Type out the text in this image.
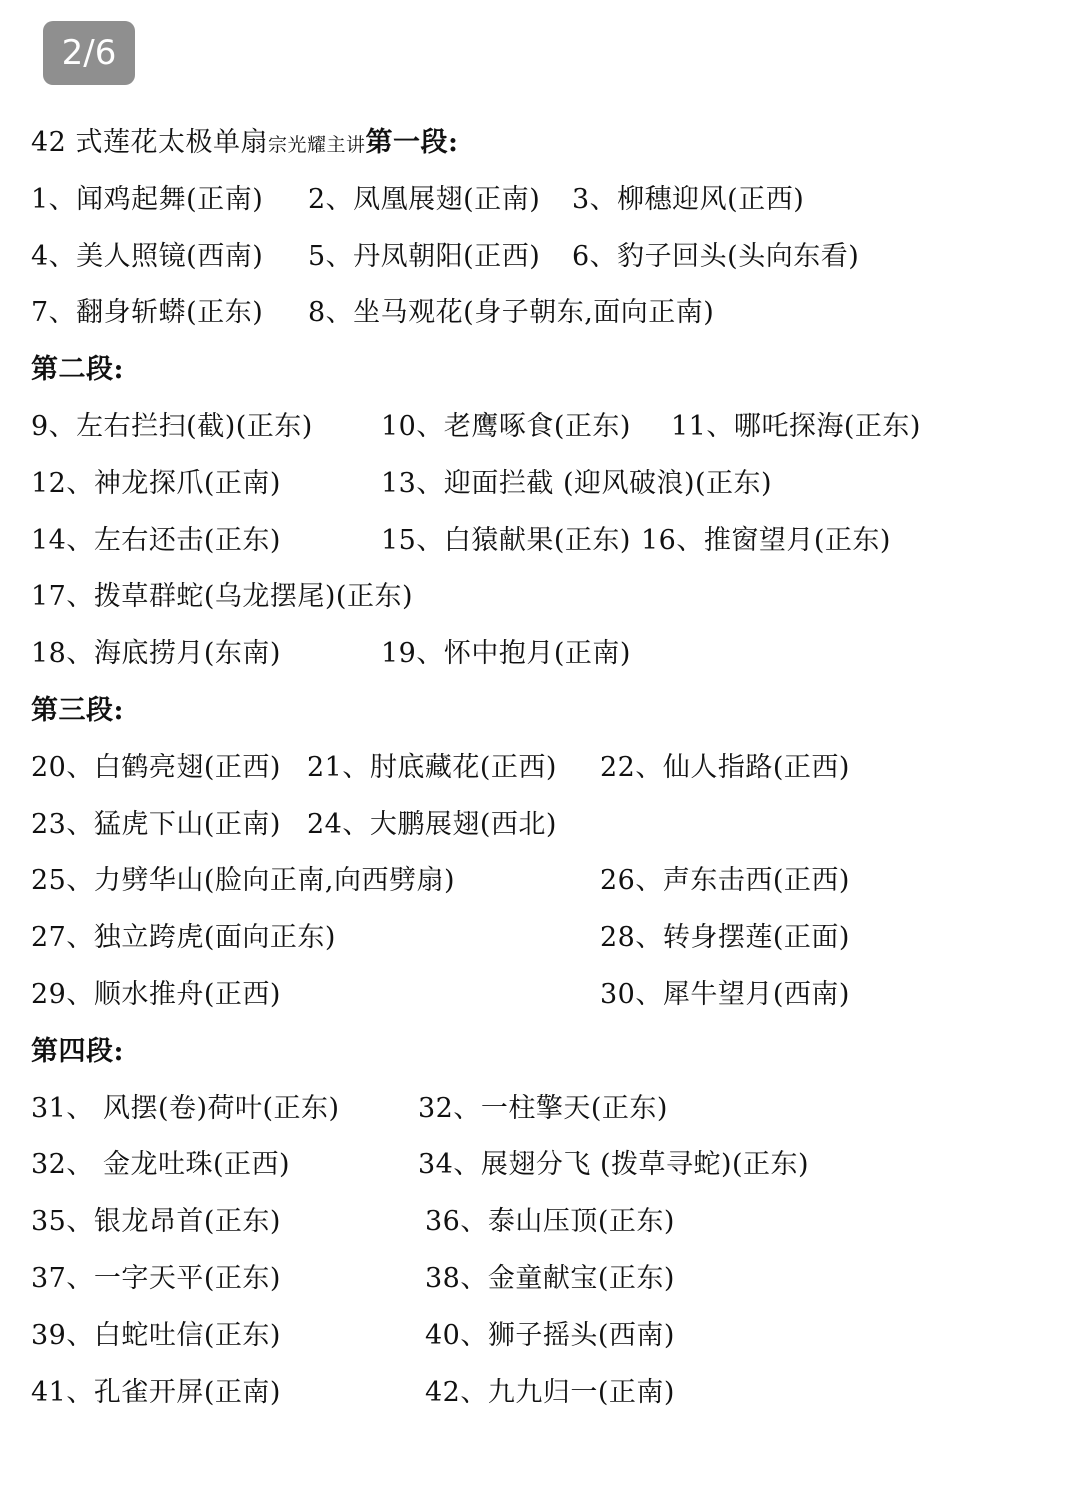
2/6
42 式莲花太极单扇宗光耀主讲第一段:
1、闻鸡起舞(正南) 2、凤凰展翅(正南) 3、柳穗迎风(正西)
4、美人照镜(西南) 5、丹凤朝阳(正西) 6、豹子回头(头向东看)
7、翻身斩蟒(正东) 8、坐马观花(身子朝东,面向正南)
第二段:
9、左右拦扫(截)(正东)	10、老鹰啄食(正东) 11、哪吒探海(正东)
12、神龙探爪(正南)	13、迎面拦截 (迎风破浪)(正东)
14、左右还击(正东)	15、白猿献果(正东) 16、推窗望月(正东)
17、拨草群蛇(乌龙摆尾)(正东)
18、海底捞月(东南)	19、怀中抱月(正南)
第三段:
20、白鹤亮翅(正西) 21、肘底藏花(正西) 22、仙人指路(正西)
23、猛虎下山(正南) 24、大鹏展翅(西北)
25、力劈华山(脸向正南,向西劈扇)	26、声东击西(正西)
27、独立跨虎(面向正东)	28、转身摆莲(正面)
29、顺水推舟(正西)	30、犀牛望月(西南)
第四段:
31、 风摆(卷)荷叶(正东)	32、一柱擎天(正东)
32、 金龙吐珠(正西)	34、展翅分飞 (拨草寻蛇)(正东)
35、银龙昂首(正东)	36、泰山压顶(正东)
37、一字天平(正东)	38、金童献宝(正东)
39、白蛇吐信(正东)	40、狮子摇头(西南)
41、孔雀开屏(正南)	42、九九归一(正南)
